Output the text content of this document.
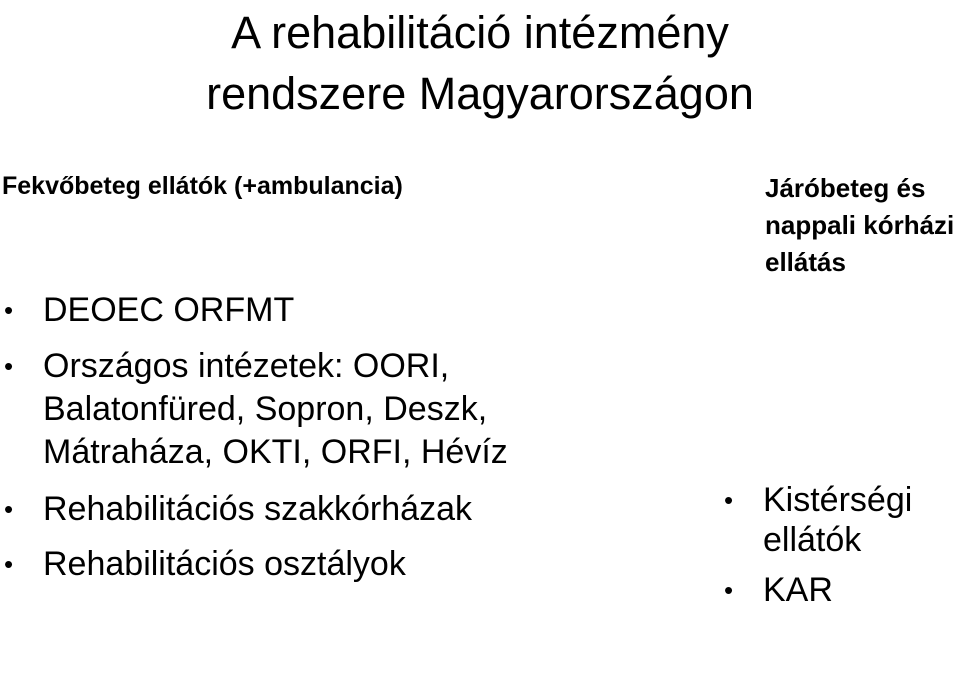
A rehabilitáció intézmény
rendszere Magyarországon

Fekvőbeteg ellátók (+ambulancia)

• DEOEC ORFMT
• Országos intézetek: OORI, Balatonfüred, Sopron, Deszk, Mátraháza, OKTI, ORFI, Hévíz
• Rehabilitációs szakkórházak
• Rehabilitációs osztályok

Járóbeteg és nappali kórházi ellátás

• Kistérségi ellátók
• KAR
